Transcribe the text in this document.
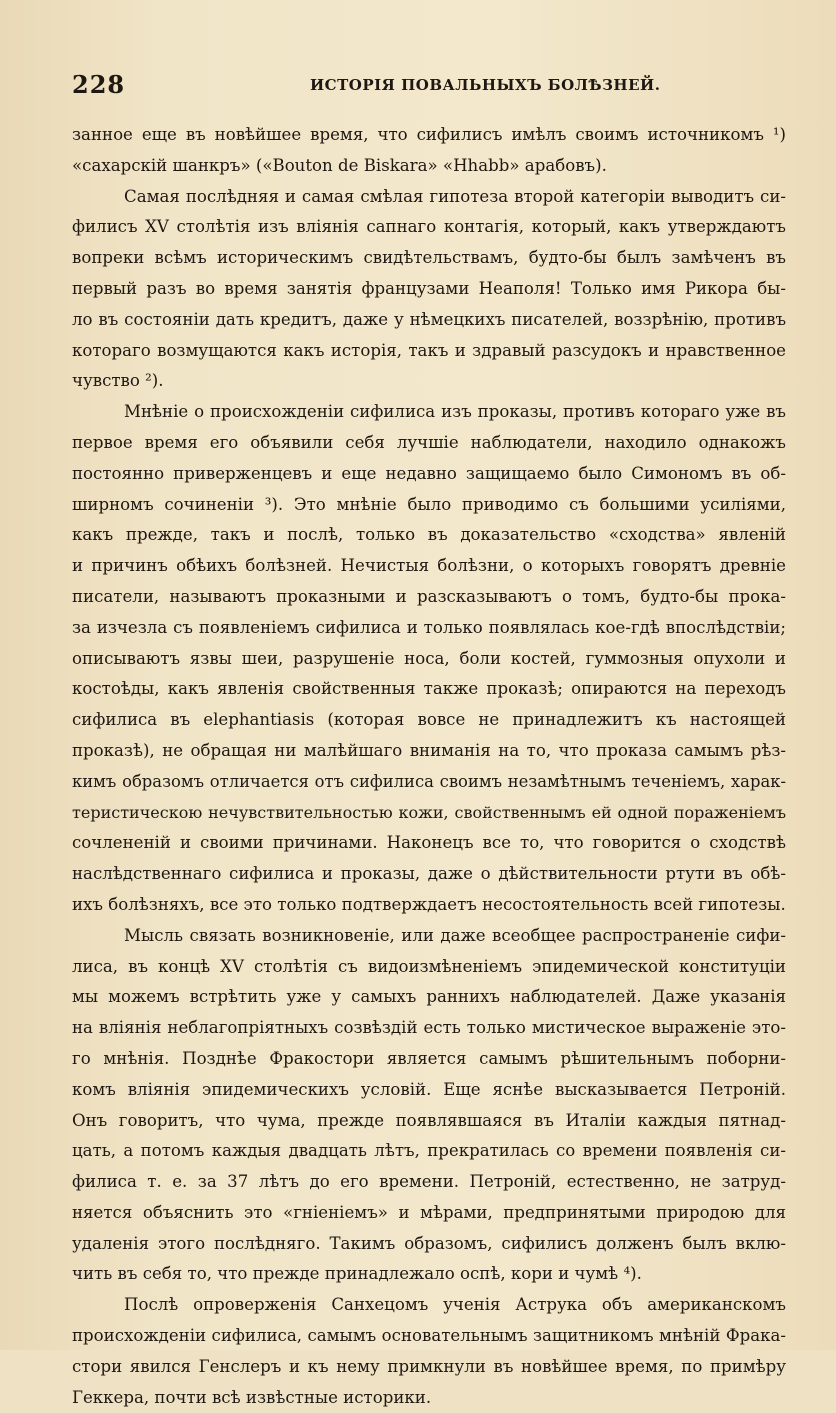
228	ИСТОРІЯ ПОВАЛЬНЫХЪ БОЛѢЗНЕЙ.

занное еще въ новѣйшее время, что сифилисъ имѣлъ своимъ источникомъ ¹)
«сахарскій шанкръ» («Bouton de Biskara» «Hhabb» арабовъ).

Самая послѣдняя и самая смѣлая гипотеза второй категоріи выводитъ си-
филисъ XV столѣтія изъ вліянія сапнаго контагія, который, какъ утверждаютъ
вопреки всѣмъ историческимъ свидѣтельствамъ, будто-бы былъ замѣченъ въ
первый разъ во время занятія французами Неаполя! Только имя Рикора бы-
ло въ состояніи дать кредитъ, даже у нѣмецкихъ писателей, воззрѣнію, противъ
котораго возмущаются какъ исторія, такъ и здравый разсудокъ и нравственное
чувство ²).

Мнѣніе о происхожденіи сифилиса изъ проказы, противъ котораго уже въ
первое время его объявили себя лучшіе наблюдатели, находило однакожъ
постоянно приверженцевъ и еще недавно защищаемо было Симономъ въ об-
ширномъ сочиненіи ³). Это мнѣніе было приводимо съ большими усиліями,
какъ прежде, такъ и послѣ, только въ доказательство «сходства» явленій
и причинъ обѣихъ болѣзней. Нечистыя болѣзни, о которыхъ говорятъ древніе
писатели, называютъ проказными и разсказываютъ о томъ, будто-бы прока-
за изчезла съ появленіемъ сифилиса и только появлялась кое-гдѣ впослѣдствіи;
описываютъ язвы шеи, разрушеніе носа, боли костей, гуммозныя опухоли и
костоѣды, какъ явленія свойственныя также проказѣ; опираются на переходъ
сифилиса въ elephantiasis (которая вовсе не принадлежитъ къ настоящей
проказѣ), не обращая ни малѣйшаго вниманія на то, что проказа самымъ рѣз-
кимъ образомъ отличается отъ сифилиса своимъ незамѣтнымъ теченіемъ, харак-
теристическою нечувствительностью кожи, свойственнымъ ей одной пораженіемъ
сочлененій и своими причинами. Наконецъ все то, что говорится о сходствѣ
наслѣдственнаго сифилиса и проказы, даже о дѣйствительности ртути въ обѣ-
ихъ болѣзняхъ, все это только подтверждаетъ несостоятельность всей гипотезы.

Мысль связать возникновеніе, или даже всеобщее распространеніе сифи-
лиса, въ концѣ XV столѣтія съ видоизмѣненіемъ эпидемической конституціи
мы можемъ встрѣтить уже у самыхъ раннихъ наблюдателей. Даже указанія
на вліянія неблагопріятныхъ созвѣздій есть только мистическое выраженіе это-
го мнѣнія. Позднѣе Фракостори является самымъ рѣшительнымъ поборни-
комъ вліянія эпидемическихъ условій. Еще яснѣе высказывается Петроній.
Онъ говоритъ, что чума, прежде появлявшаяся въ Италіи каждыя пятнад-
цать, а потомъ каждыя двадцать лѣтъ, прекратилась со времени появленія си-
филиса т. е. за 37 лѣтъ до его времени. Петроній, естественно, не затруд-
няется объяснить это «гніеніемъ» и мѣрами, предпринятыми природою для
удаленія этого послѣдняго. Такимъ образомъ, сифилисъ долженъ былъ вклю-
чить въ себя то, что прежде принадлежало оспѣ, кори и чумѣ ⁴).

Послѣ опроверженія Санхецомъ ученія Аструка объ американскомъ
происхожденіи сифилиса, самымъ основательнымъ защитникомъ мнѣній Фрака-
стори явился Генслеръ и къ нему примкнули въ новѣйшее время, по примѣру
Геккера, почти всѣ извѣстные историки.
